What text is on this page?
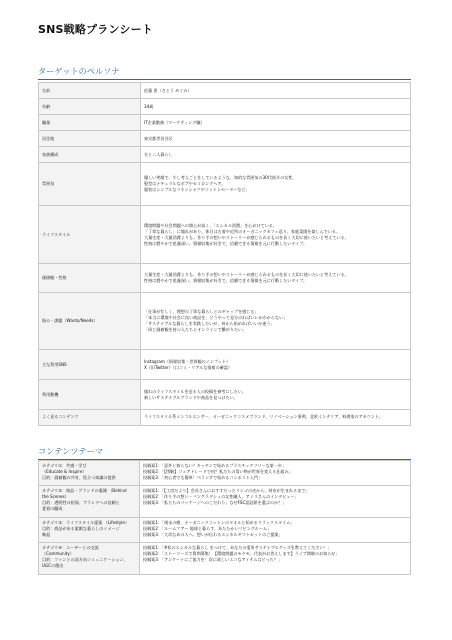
SNS戦略プランシート
ターゲットのペルソナ
名前	佐藤 恵（さとう めぐみ）

年齢	34歳

職業	IT企業勤務（マーケティング職）

居住地	東京都世田谷区

家族構成	夫と二人暮らし

雰囲気	優しい笑顔で、少し考えごとをしているような、知的な雰囲気の30代前半の女性。
髪型はナチュラルなボブやセミロングヘア。
服装はシンプルなリネンシャツやコットンセーターなど。

ライフスタイル	環境問題や社会問題への関心が高く、「エシカル消費」を心がけている。
「丁寧な暮らし」に憧れがあり、休日は古着や近所のオーガニックカフェ巡り、家庭菜園を楽しんでいる。
大量生産・大量消費よりも、作り手の想いやストーリーが感じられるものを長く大切に使いたいと考えている。
性格は穏やかで思慮深い。情報収集が好きで、信頼できる情報を元に行動したいタイプ。

価値観・性格	大量生産・大量消費よりも、作り手の想いやストーリーが感じられるものを長く大切に使いたいと考えている。
性格は穏やかで思慮深い。情報収集が好きで、信頼できる情報を元に行動したいタイプ。

悩み・課題（Wants/Needs）	「仕事が忙しく、理想の丁寧な暮らしとのギャップを感じる」
「本当に環境や社会に良い商品を、どうやって見分ければいいかわからない」
「サステナブルな暮らしを実践したいが、何から始めればいいか迷う」
「同じ価値観を持つ人たちとオンラインで繋がりたい」

主な利用SNS	Instagram（情報収集・世界観のインプット）
X（旧Twitter）（口コミ・リアルな情報の確認）

利用動機	憧れのライフスタイルを送る人の投稿を参考にしたい。
新しいサステナブルブランドや商品を見つけたい。

よく見るコンテンツ	ライフスタイル系インフルエンサー、オーガニックコスメブランド、リノベーション事例、北欧インテリア、料理家のアカウント。
コンテンツテーマ
カテゴリ①：共感・学び
（Educate & Inspire）
目的：価値観の共有、役立つ知識の提供	投稿案1：「意外と知らない？キッチンで始めるプラスチックフリーな第一歩」
投稿案2：「【図解】フェアトレードで何？私たちの買い物が世界を変える仕組み」
投稿案3：「初心者でも簡単！ベランダで始めるコンポスト入門」

カテゴリ②：商品・ブランドの裏側 （Behind
the Scenes）
目的：透明性の担保、ブランドへの信頼と
愛着の醸成	投稿案1：「【工房だより】会長さんにおすすだったリンゴの皮から、財布が生まれるまで」
投稿案2：「作り手の想い - バングラデシュの女性職人、アミラさんのインタビュー」
投稿案3：「私たちのパッケージへのこだわり。なぜFSC認証紙を選ぶのか？」

カテゴリ③：ライフスタイル提案 （Lifestyle）
目的：商品がある素敵な暮らしのイメージ
喚起	投稿案1：「週末の朝、オーガニックコットンのタオルと始めるリラックスタイム」
投稿案2：「ルームツアー 地球と暮らす、あたたかいリビングルーム」
投稿案3：「大切なあの人へ。想いが伝わるエシカルギフトセットのご提案」

カテゴリ④：ユーザーとの交流
（Community）
目的：ファンとの双方向コミュニケーション、
UGCの創出	投稿案1：「#私のエシカルな暮らし をつけて、あなたの愛用サステナブルグッズを教えてください！」
投稿案2：「ストーリーズで質問募集！【環境問題のモヤモ、代表がお答えします】ライブ開催のお知らせ」
投稿案3：「アンケートにご協力を！次に欲しいエコなアイテムはどっち？」
